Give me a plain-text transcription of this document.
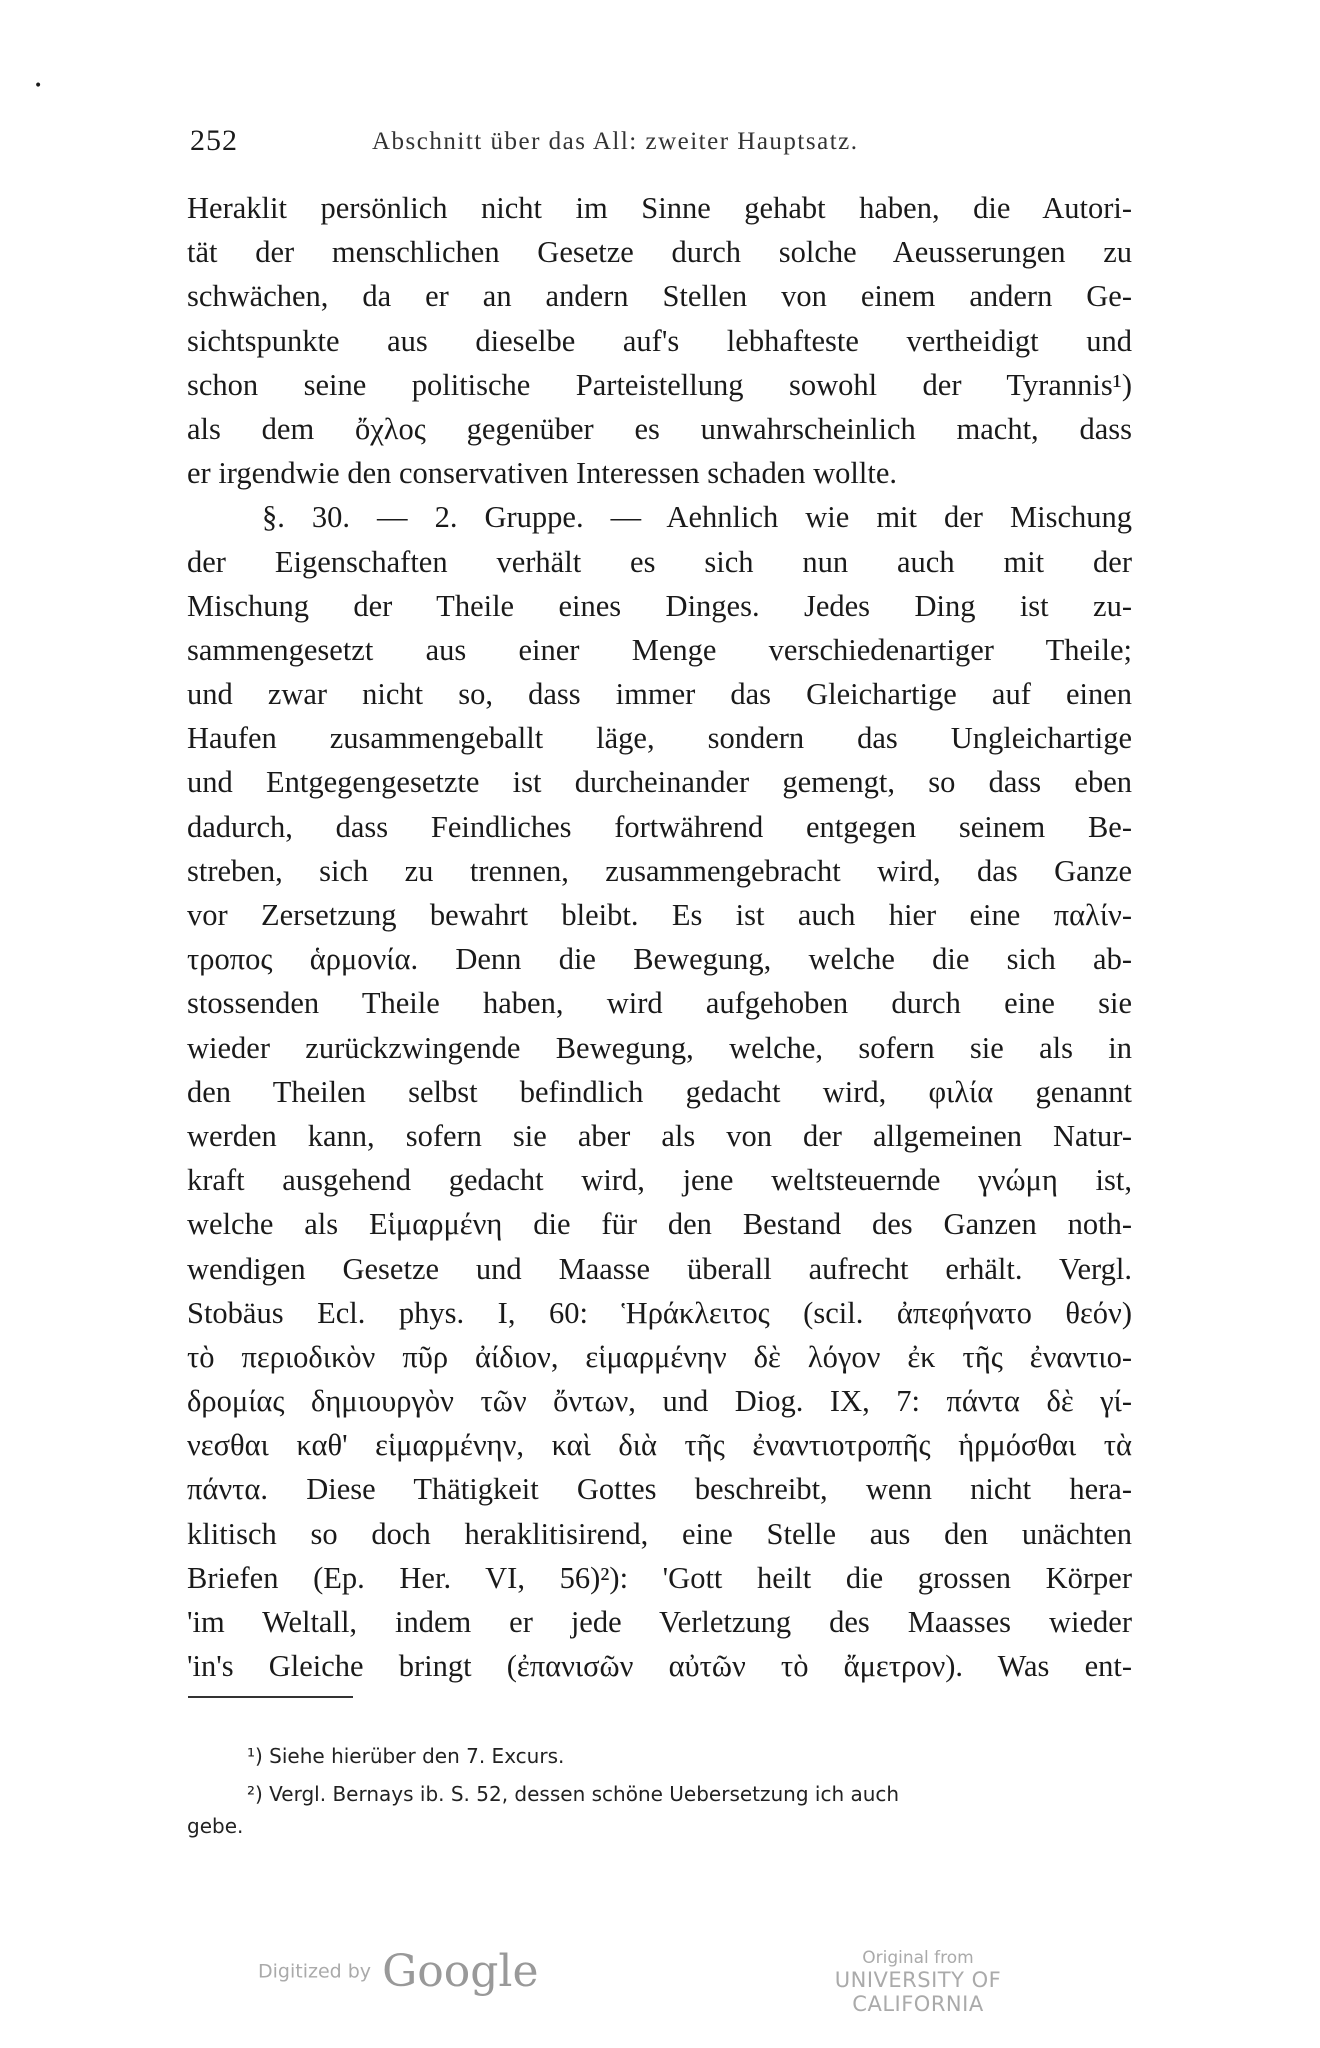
•
252	Abschnitt über das All: zweiter Hauptsatz.
Heraklit persönlich nicht im Sinne gehabt haben, die Autori-
tät der menschlichen Gesetze durch solche Aeusserungen zu
schwächen, da er an andern Stellen von einem andern Ge-
sichtspunkte aus dieselbe auf's lebhafteste vertheidigt und
schon seine politische Parteistellung sowohl der Tyrannis¹)
als dem ὄχλος gegenüber es unwahrscheinlich macht, dass
er irgendwie den conservativen Interessen schaden wollte.
§. 30. — 2. Gruppe. — Aehnlich wie mit der Mischung
der Eigenschaften verhält es sich nun auch mit der
Mischung der Theile eines Dinges. Jedes Ding ist zu-
sammengesetzt aus einer Menge verschiedenartiger Theile;
und zwar nicht so, dass immer das Gleichartige auf einen
Haufen zusammengeballt läge, sondern das Ungleichartige
und Entgegengesetzte ist durcheinander gemengt, so dass eben
dadurch, dass Feindliches fortwährend entgegen seinem Be-
streben, sich zu trennen, zusammengebracht wird, das Ganze
vor Zersetzung bewahrt bleibt. Es ist auch hier eine παλίν-
τροπος ἁρμονία. Denn die Bewegung, welche die sich ab-
stossenden Theile haben, wird aufgehoben durch eine sie
wieder zurückzwingende Bewegung, welche, sofern sie als in
den Theilen selbst befindlich gedacht wird, φιλία genannt
werden kann, sofern sie aber als von der allgemeinen Natur-
kraft ausgehend gedacht wird, jene weltsteuernde γνώμη ist,
welche als Εἱμαρμένη die für den Bestand des Ganzen noth-
wendigen Gesetze und Maasse überall aufrecht erhält. Vergl.
Stobäus Ecl. phys. I, 60: Ἡράκλειτος (scil. ἀπεφήνατο θεόν)
τὸ περιοδικὸν πῦρ ἀίδιον, εἱμαρμένην δὲ λόγον ἐκ τῆς ἐναντιο-
δρομίας δημιουργὸν τῶν ὄντων, und Diog. IX, 7: πάντα δὲ γί-
νεσθαι καθ' εἱμαρμένην, καὶ διὰ τῆς ἐναντιοτροπῆς ἡρμόσθαι τὰ
πάντα. Diese Thätigkeit Gottes beschreibt, wenn nicht hera-
klitisch so doch heraklitisirend, eine Stelle aus den unächten
Briefen (Ep. Her. VI, 56)²): 'Gott heilt die grossen Körper
'im Weltall, indem er jede Verletzung des Maasses wieder
'in's Gleiche bringt (ἐπανισῶν αὐτῶν τὸ ἄμετρον). Was ent-
¹) Siehe hierüber den 7. Excurs.
²) Vergl. Bernays ib. S. 52, dessen schöne Uebersetzung ich auch
gebe.
Digitized by Google	Original from
UNIVERSITY OF CALIFORNIA
